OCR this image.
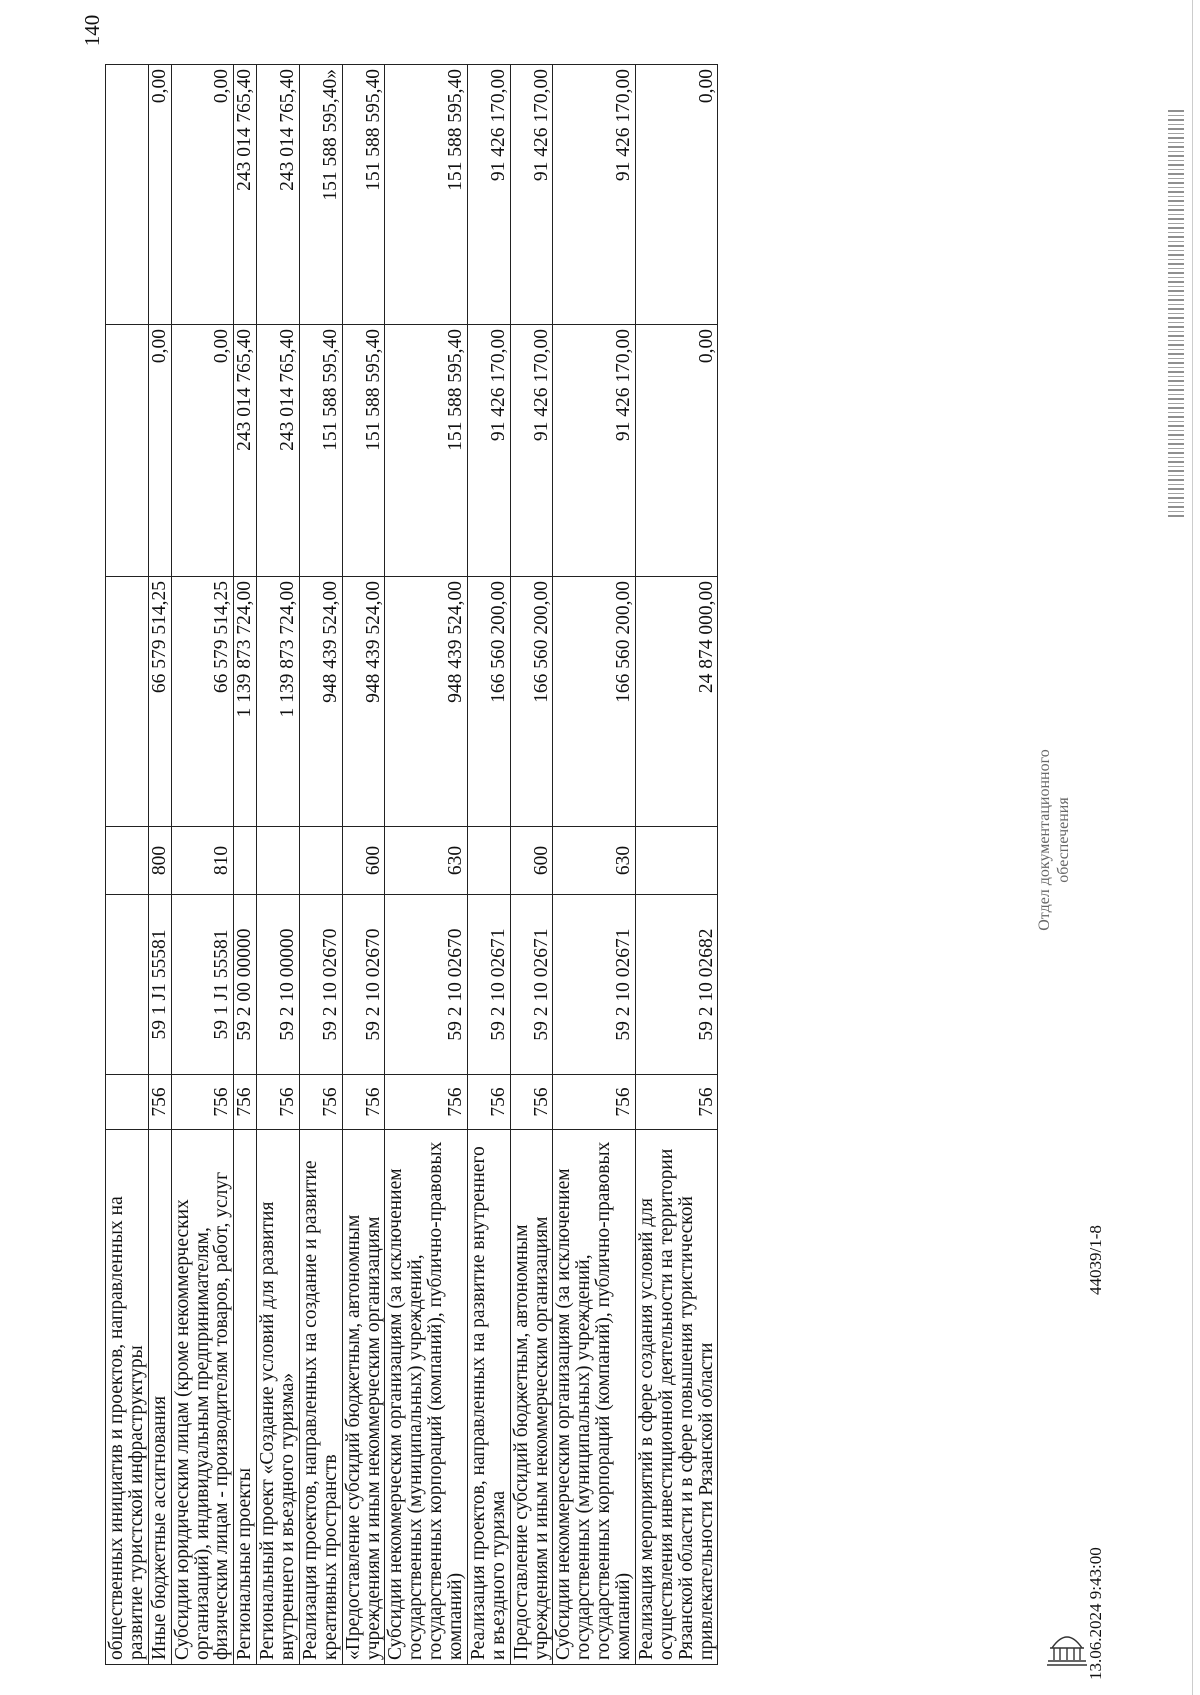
140
общественных инициатив и проектов, направленных на развитие туристской инфраструктуры						
Иные бюджетные ассигнования	756	59 1 J1 55581	800	66 579 514,25	0,00	0,00
Субсидии юридическим лицам (кроме некоммерческих организаций), индивидуальным предпринимателям, физическим лицам - производителям товаров, работ, услуг	756	59 1 J1 55581	810	66 579 514,25	0,00	0,00
Региональные проекты	756	59 2 00 00000		1 139 873 724,00	243 014 765,40	243 014 765,40
Региональный проект «Создание условий для развития внутреннего и въездного туризма»	756	59 2 10 00000		1 139 873 724,00	243 014 765,40	243 014 765,40
Реализация проектов, направленных на создание и развитие креативных пространств	756	59 2 10 02670		948 439 524,00	151 588 595,40	151 588 595,40»
«Предоставление субсидий бюджетным, автономным учреждениям и иным некоммерческим организациям	756	59 2 10 02670	600	948 439 524,00	151 588 595,40	151 588 595,40
Субсидии некоммерческим организациям (за исключением государственных (муниципальных) учреждений, государственных корпораций (компаний), публично-правовых компаний)	756	59 2 10 02670	630	948 439 524,00	151 588 595,40	151 588 595,40
Реализация проектов, направленных на развитие внутреннего и въездного туризма	756	59 2 10 02671		166 560 200,00	91 426 170,00	91 426 170,00
Предоставление субсидий бюджетным, автономным учреждениям и иным некоммерческим организациям	756	59 2 10 02671	600	166 560 200,00	91 426 170,00	91 426 170,00
Субсидии некоммерческим организациям (за исключением государственных (муниципальных) учреждений, государственных корпораций (компаний), публично-правовых компаний)	756	59 2 10 02671	630	166 560 200,00	91 426 170,00	91 426 170,00
Реализация мероприятий в сфере создания условий для осуществления инвестиционной деятельности на территории Рязанской области и в сфере повышения туристической привлекательности Рязанской области	756	59 2 10 02682		24 874 000,00	0,00	0,00
Отдел документационного обеспечения
13.06.2024 9:43:00
44039/1-8
